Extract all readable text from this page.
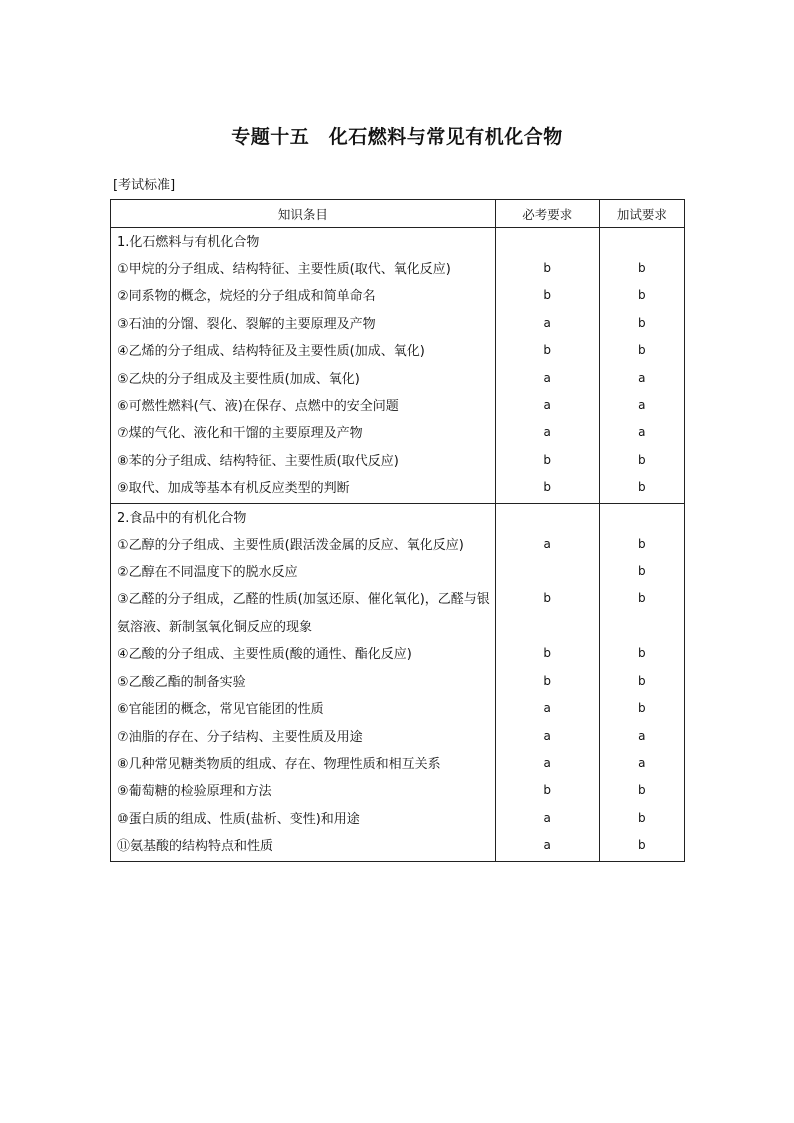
专题十五　化石燃料与常见有机化合物
[考试标准]
知识条目	必考要求	加试要求
1.化石燃料与有机化合物		
①甲烷的分子组成、结构特征、主要性质(取代、氧化反应)	b	b
②同系物的概念，烷烃的分子组成和简单命名	b	b
③石油的分馏、裂化、裂解的主要原理及产物	a	b
④乙烯的分子组成、结构特征及主要性质(加成、氧化)	b	b
⑤乙炔的分子组成及主要性质(加成、氧化)	a	a
⑥可燃性燃料(气、液)在保存、点燃中的安全问题	a	a
⑦煤的气化、液化和干馏的主要原理及产物	a	a
⑧苯的分子组成、结构特征、主要性质(取代反应)	b	b
⑨取代、加成等基本有机反应类型的判断	b	b
2.食品中的有机化合物		
①乙醇的分子组成、主要性质(跟活泼金属的反应、氧化反应)	a	b
②乙醇在不同温度下的脱水反应		b
③乙醛的分子组成，乙醛的性质(加氢还原、催化氧化)，乙醛与银氨溶液、新制氢氧化铜反应的现象	b	b
④乙酸的分子组成、主要性质(酸的通性、酯化反应)	b	b
⑤乙酸乙酯的制备实验	b	b
⑥官能团的概念，常见官能团的性质	a	b
⑦油脂的存在、分子结构、主要性质及用途	a	a
⑧几种常见糖类物质的组成、存在、物理性质和相互关系	a	a
⑨葡萄糖的检验原理和方法	b	b
⑩蛋白质的组成、性质(盐析、变性)和用途	a	b
⑪氨基酸的结构特点和性质	a	b
